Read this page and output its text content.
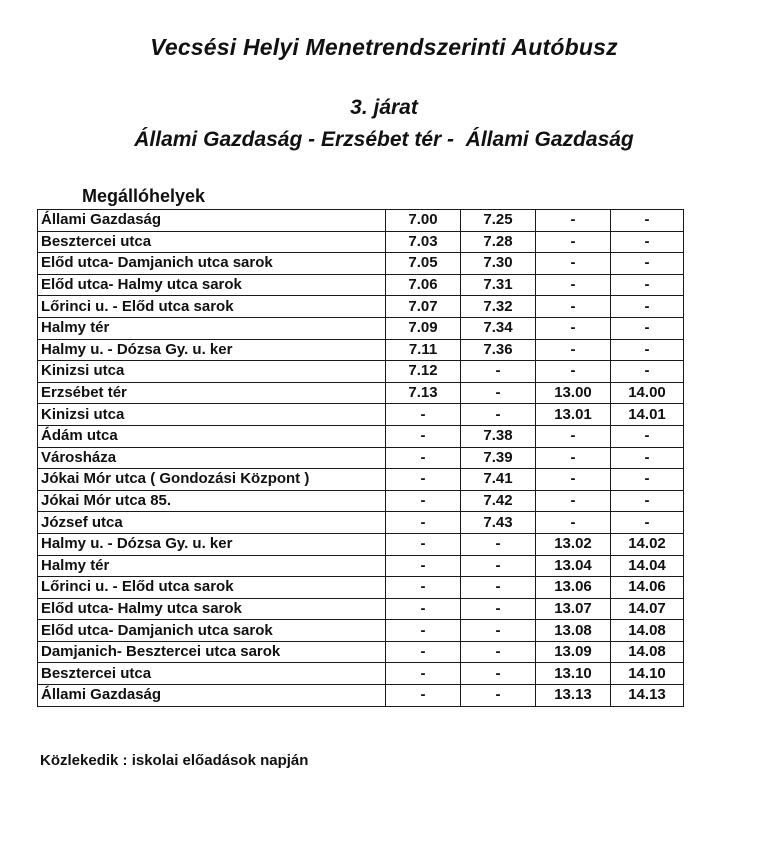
Vecsési Helyi Menetrendszerinti Autóbusz
3. járat
Állami Gazdaság - Erzsébet tér -  Állami Gazdaság
Megállóhelyek
Állami Gazdaság	7.00	7.25	-	-
Besztercei utca	7.03	7.28	-	-
Előd utca- Damjanich utca sarok	7.05	7.30	-	-
Előd utca- Halmy utca sarok	7.06	7.31	-	-
Lőrinci u. - Előd utca sarok	7.07	7.32	-	-
Halmy tér	7.09	7.34	-	-
Halmy u. - Dózsa Gy. u. ker	7.11	7.36	-	-
Kinizsi utca	7.12	-	-	-
Erzsébet tér	7.13	-	13.00	14.00
Kinizsi utca	-	-	13.01	14.01
Ádám utca	-	7.38	-	-
Városháza	-	7.39	-	-
Jókai Mór utca ( Gondozási Központ )	-	7.41	-	-
Jókai Mór utca 85.	-	7.42	-	-
József utca	-	7.43	-	-
Halmy u. - Dózsa Gy. u. ker	-	-	13.02	14.02
Halmy tér	-	-	13.04	14.04
Lőrinci u. - Előd utca sarok	-	-	13.06	14.06
Előd utca- Halmy utca sarok	-	-	13.07	14.07
Előd utca- Damjanich utca sarok	-	-	13.08	14.08
Damjanich- Besztercei utca sarok	-	-	13.09	14.08
Besztercei utca	-	-	13.10	14.10
Állami Gazdaság	-	-	13.13	14.13
Közlekedik : iskolai előadások napján
